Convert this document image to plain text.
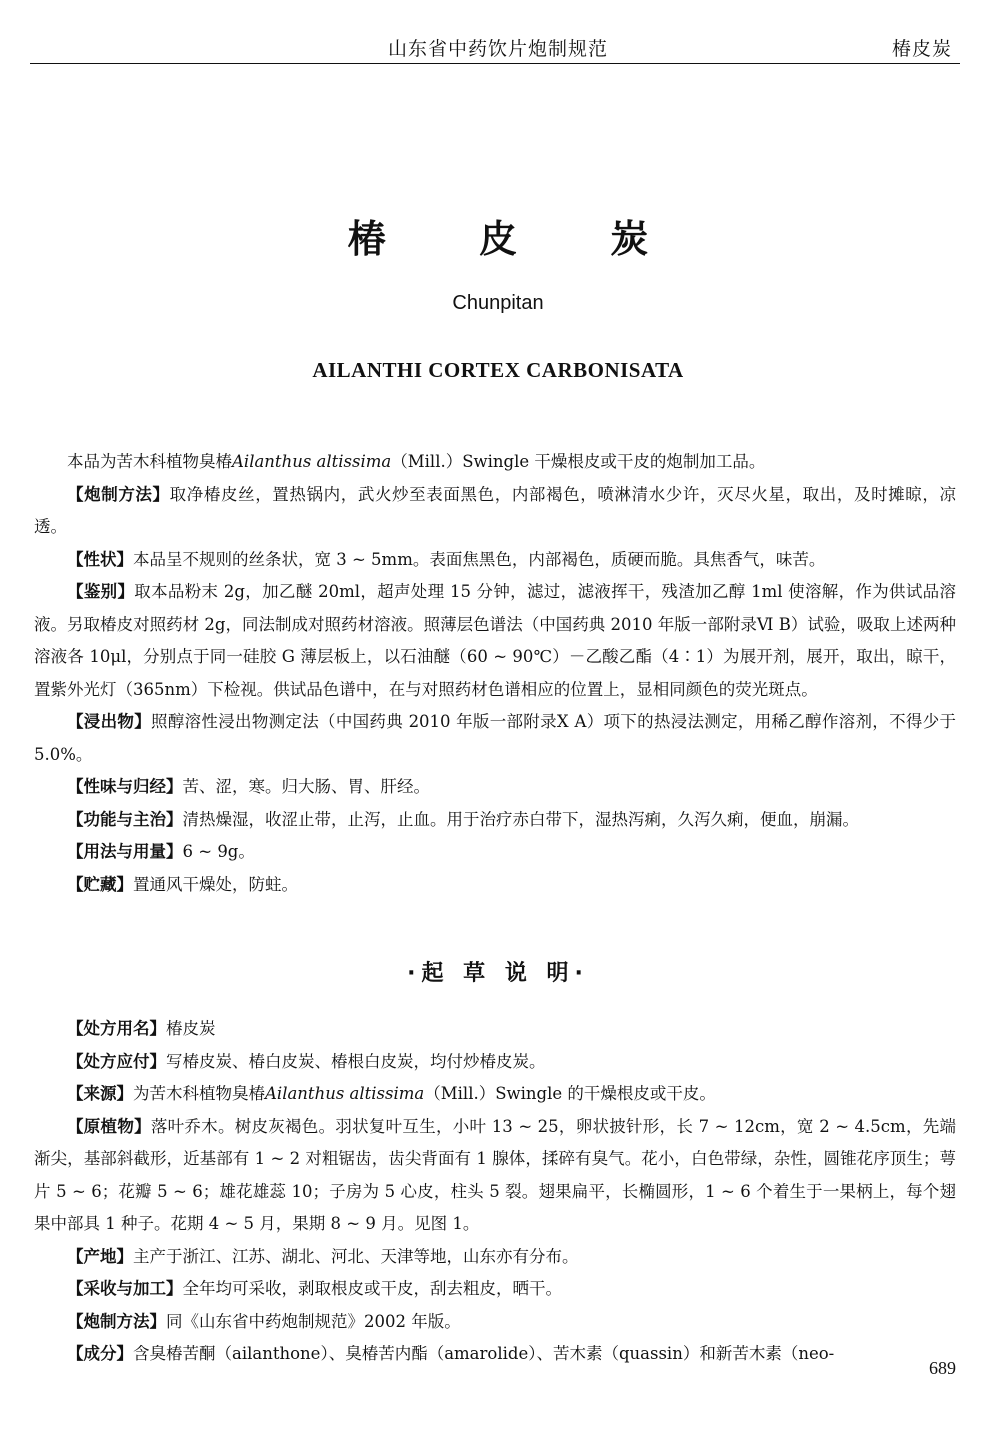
山东省中药饮片炮制规范	椿皮炭
椿 皮 炭
Chunpitan
AILANTHI CORTEX CARBONISATA

本品为苦木科植物臭椿Ailanthus altissima（Mill.）Swingle 干燥根皮或干皮的炮制加工品。

【炮制方法】取净椿皮丝，置热锅内，武火炒至表面黑色，内部褐色，喷淋清水少许，灭尽火星，取出，及时摊晾，凉透。

【性状】本品呈不规则的丝条状，宽 3 ~ 5mm。表面焦黑色，内部褐色，质硬而脆。具焦香气，味苦。

【鉴别】取本品粉末 2g，加乙醚 20ml，超声处理 15 分钟，滤过，滤液挥干，残渣加乙醇 1ml 使溶解，作为供试品溶液。另取椿皮对照药材 2g，同法制成对照药材溶液。照薄层色谱法（中国药典 2010 年版一部附录Ⅵ B）试验，吸取上述两种溶液各 10μl，分别点于同一硅胶 G 薄层板上，以石油醚（60 ~ 90℃）－乙酸乙酯（4∶1）为展开剂，展开，取出，晾干，置紫外光灯（365nm）下检视。供试品色谱中，在与对照药材色谱相应的位置上，显相同颜色的荧光斑点。

【浸出物】照醇溶性浸出物测定法（中国药典 2010 年版一部附录Ⅹ A）项下的热浸法测定，用稀乙醇作溶剂，不得少于 5.0%。

【性味与归经】苦、涩，寒。归大肠、胃、肝经。

【功能与主治】清热燥湿，收涩止带，止泻，止血。用于治疗赤白带下，湿热泻痢，久泻久痢，便血，崩漏。

【用法与用量】6 ~ 9g。

【贮藏】置通风干燥处，防蛀。

·起 草 说 明·

【处方用名】椿皮炭

【处方应付】写椿皮炭、椿白皮炭、椿根白皮炭，均付炒椿皮炭。

【来源】为苦木科植物臭椿Ailanthus altissima（Mill.）Swingle 的干燥根皮或干皮。

【原植物】落叶乔木。树皮灰褐色。羽状复叶互生，小叶 13 ~ 25，卵状披针形，长 7 ~ 12cm，宽 2 ~ 4.5cm，先端渐尖，基部斜截形，近基部有 1 ~ 2 对粗锯齿，齿尖背面有 1 腺体，揉碎有臭气。花小，白色带绿，杂性，圆锥花序顶生；萼片 5 ~ 6；花瓣 5 ~ 6；雄花雄蕊 10；子房为 5 心皮，柱头 5 裂。翅果扁平，长椭圆形，1 ~ 6 个着生于一果柄上，每个翅果中部具 1 种子。花期 4 ~ 5 月，果期 8 ~ 9 月。见图 1。

【产地】主产于浙江、江苏、湖北、河北、天津等地，山东亦有分布。

【采收与加工】全年均可采收，剥取根皮或干皮，刮去粗皮，晒干。

【炮制方法】同《山东省中药炮制规范》2002 年版。

【成分】含臭椿苦酮（ailanthone）、臭椿苦内酯（amarolide）、苦木素（quassin）和新苦木素（neo-

689
